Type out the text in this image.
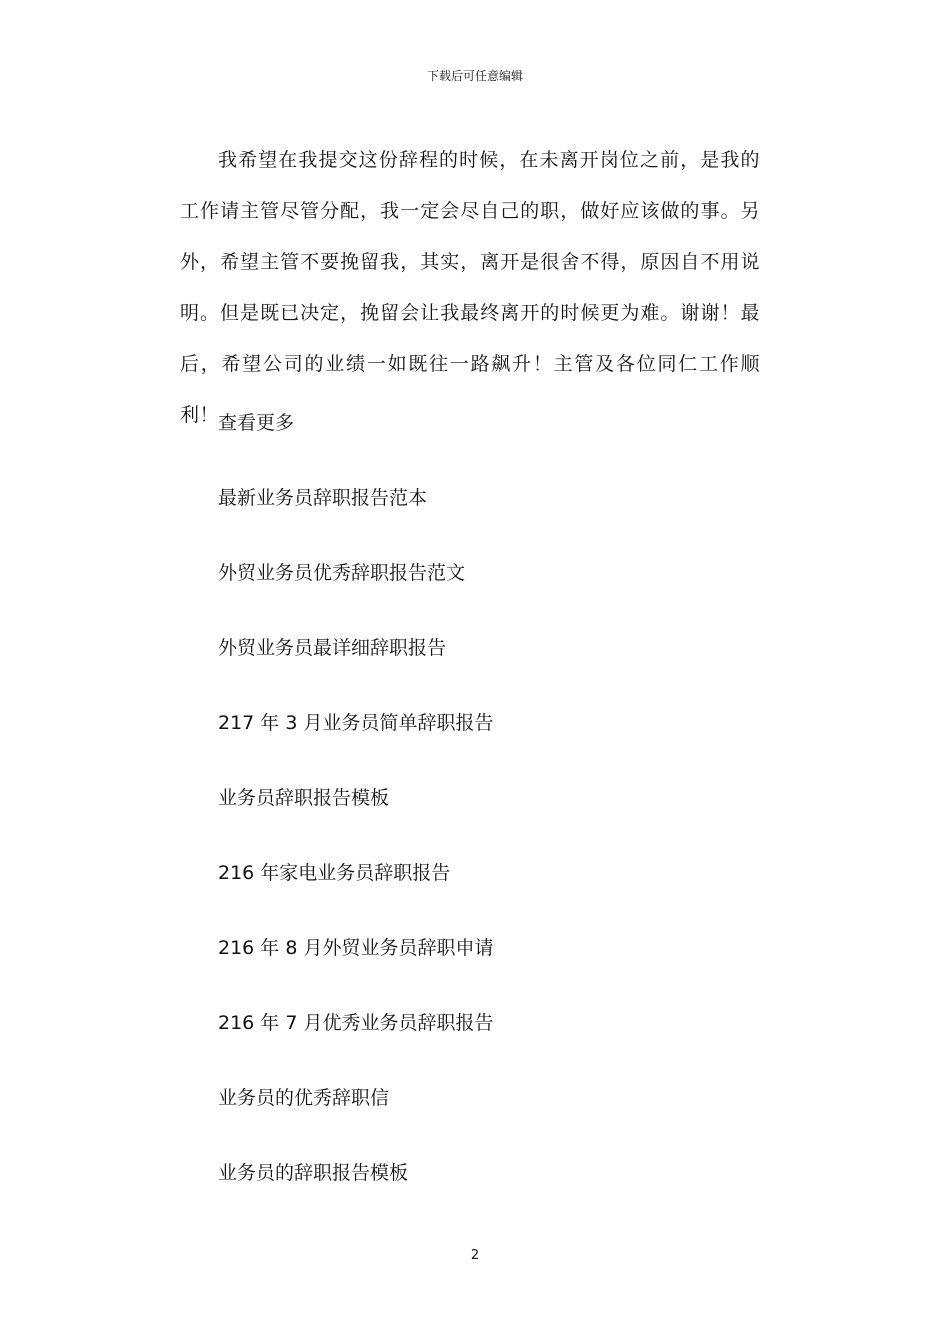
下载后可任意编辑

我希望在我提交这份辞程的时候，在未离开岗位之前，是我的工作请主管尽管分配，我一定会尽自己的职，做好应该做的事。另外，希望主管不要挽留我，其实，离开是很舍不得，原因自不用说明。但是既已决定，挽留会让我最终离开的时候更为难。谢谢！最后，希望公司的业绩一如既往一路飙升！主管及各位同仁工作顺利！

查看更多
最新业务员辞职报告范本
外贸业务员优秀辞职报告范文
外贸业务员最详细辞职报告
217 年 3 月业务员简单辞职报告
业务员辞职报告模板
216 年家电业务员辞职报告
216 年 8 月外贸业务员辞职申请
216 年 7 月优秀业务员辞职报告
业务员的优秀辞职信
业务员的辞职报告模板
2
